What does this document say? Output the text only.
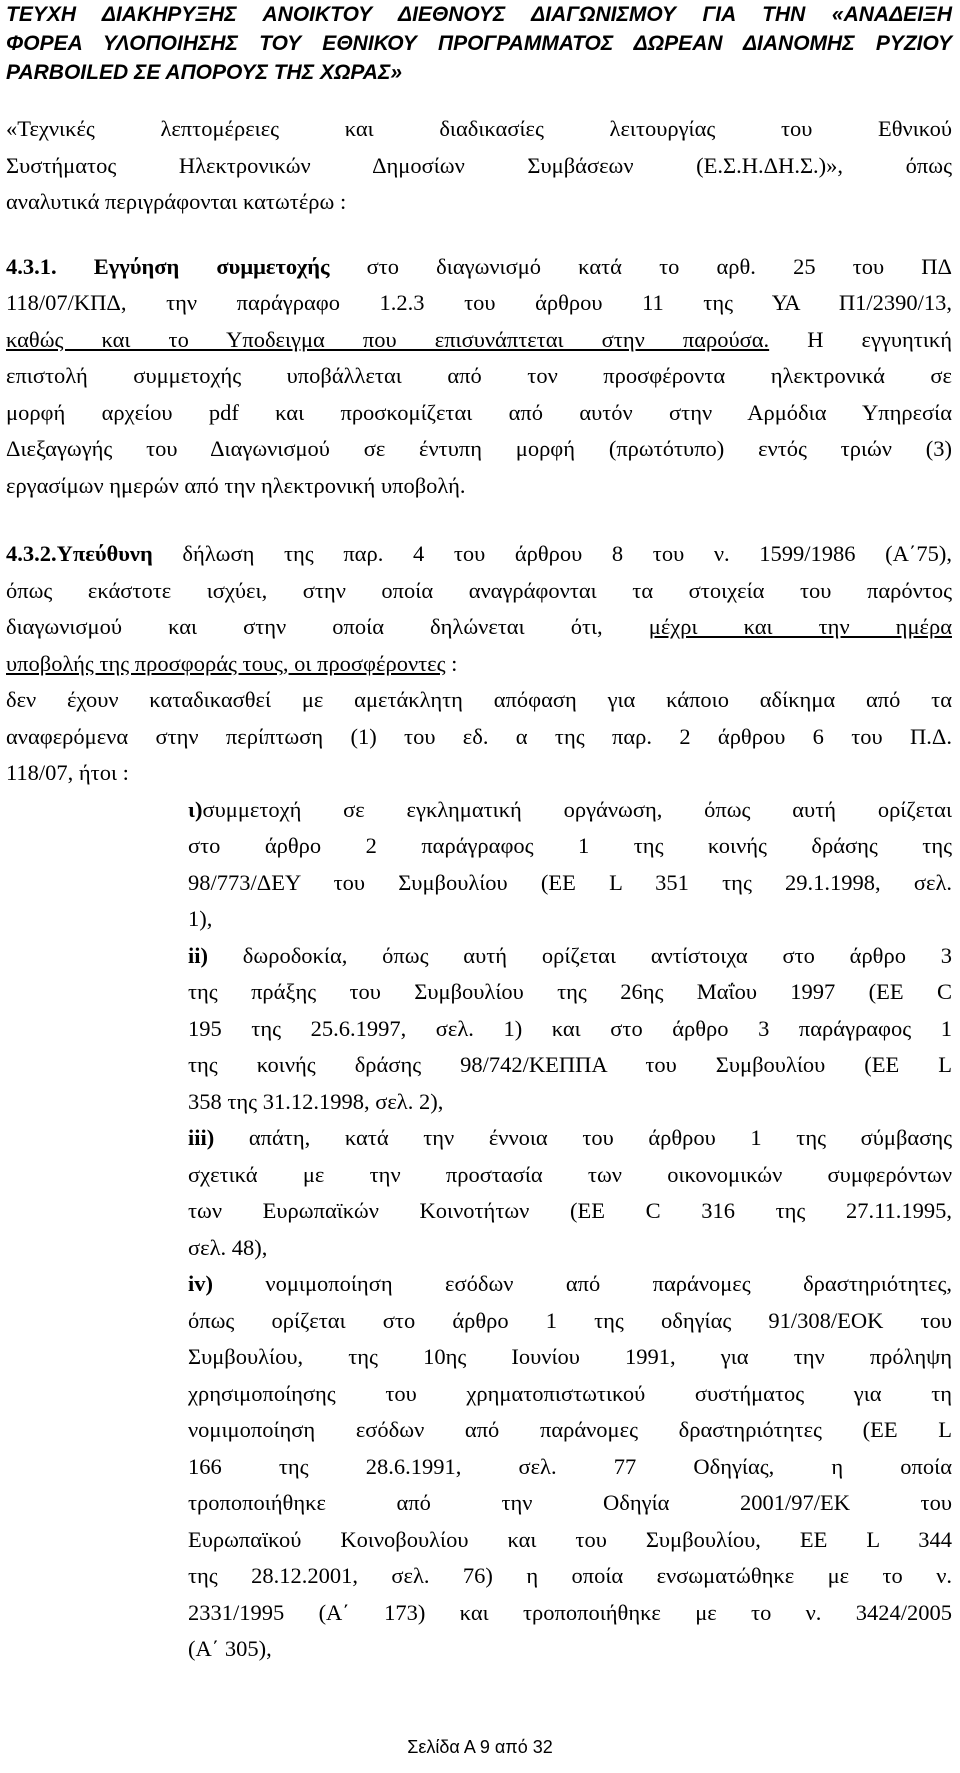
ΤΕΥΧΗ ΔΙΑΚΗΡΥΞΗΣ ΑΝΟΙΚΤΟΥ ΔΙΕΘΝΟΥΣ ΔΙΑΓΩΝΙΣΜΟΥ ΓΙΑ ΤΗΝ «ΑΝΑΔΕΙΞΗ
ΦΟΡΕΑ ΥΛΟΠΟΙΗΣΗΣ ΤΟΥ ΕΘΝΙΚΟΥ ΠΡΟΓΡΑΜΜΑΤΟΣ ΔΩΡΕΑΝ ΔΙΑΝΟΜΗΣ ΡΥΖΙΟΥ
PARBOILED ΣΕ ΑΠΟΡΟΥΣ ΤΗΣ ΧΩΡΑΣ»
«Τεχνικές λεπτομέρειες και διαδικασίες λειτουργίας του Εθνικού
Συστήματος Ηλεκτρονικών Δημοσίων Συμβάσεων (Ε.Σ.Η.ΔΗ.Σ.)», όπως
αναλυτικά περιγράφονται κατωτέρω :
4.3.1. Εγγύηση συμμετοχής στο διαγωνισμό κατά το αρθ. 25 του ΠΔ
118/07/ΚΠΔ, την παράγραφο 1.2.3 του άρθρου 11 της ΥΑ Π1/2390/13,
καθώς και το Υποδειγμα που επισυνάπτεται στην παρούσα. Η εγγυητική
επιστολή συμμετοχής υποβάλλεται από τον προσφέροντα ηλεκτρονικά σε
μορφή αρχείου pdf και προσκομίζεται από αυτόν στην Αρμόδια Υπηρεσία
Διεξαγωγής του Διαγωνισμού σε έντυπη μορφή (πρωτότυπο) εντός τριών (3)
εργασίμων ημερών από την ηλεκτρονική υποβολή.
4.3.2.Υπεύθυνη δήλωση της παρ. 4 του άρθρου 8 του ν. 1599/1986 (Α΄75),
όπως εκάστοτε ισχύει, στην οποία αναγράφονται τα στοιχεία του παρόντος
διαγωνισμού και στην οποία δηλώνεται ότι, μέχρι και την ημέρα
υποβολής της προσφοράς τους, οι προσφέροντες :
δεν έχουν καταδικασθεί με αμετάκλητη απόφαση για κάποιο αδίκημα από τα
αναφερόμενα στην περίπτωση (1) του εδ. α της παρ. 2 άρθρου 6 του Π.Δ.
118/07, ήτοι :
ι)συμμετοχή σε εγκληματική οργάνωση, όπως αυτή ορίζεται
στο άρθρο 2 παράγραφος 1 της κοινής δράσης της
98/773/ΔΕΥ του Συμβουλίου (ΕΕ L 351 της 29.1.1998, σελ.
1),
ii) δωροδοκία, όπως αυτή ορίζεται αντίστοιχα στο άρθρο 3
της πράξης του Συμβουλίου της 26ης Μαΐου 1997 (ΕΕ C
195 της 25.6.1997, σελ. 1) και στο άρθρο 3 παράγραφος 1
της κοινής δράσης 98/742/ΚΕΠΠΑ του Συμβουλίου (ΕΕ L
358 της 31.12.1998, σελ. 2),
iii) απάτη, κατά την έννοια του άρθρου 1 της σύμβασης
σχετικά με την προστασία των οικονομικών συμφερόντων
των Ευρωπαϊκών Κοινοτήτων (ΕΕ C 316 της 27.11.1995,
σελ. 48),
iv) νομιμοποίηση εσόδων από παράνομες δραστηριότητες,
όπως ορίζεται στο άρθρο 1 της οδηγίας 91/308/ΕΟΚ του
Συμβουλίου, της 10ης Ιουνίου 1991, για την πρόληψη
χρησιμοποίησης του χρηματοπιστωτικού συστήματος για τη
νομιμοποίηση εσόδων από παράνομες δραστηριότητες (ΕΕ L
166 της 28.6.1991, σελ. 77 Οδηγίας, η οποία
τροποποιήθηκε από την Οδηγία 2001/97/ΕΚ του
Ευρωπαϊκού Κοινοβουλίου και του Συμβουλίου, ΕΕ L 344
της 28.12.2001, σελ. 76) η οποία ενσωματώθηκε με το ν.
2331/1995 (Α΄ 173) και τροποποιήθηκε με το ν. 3424/2005
(Α΄ 305),
Σελίδα Α 9 από 32
